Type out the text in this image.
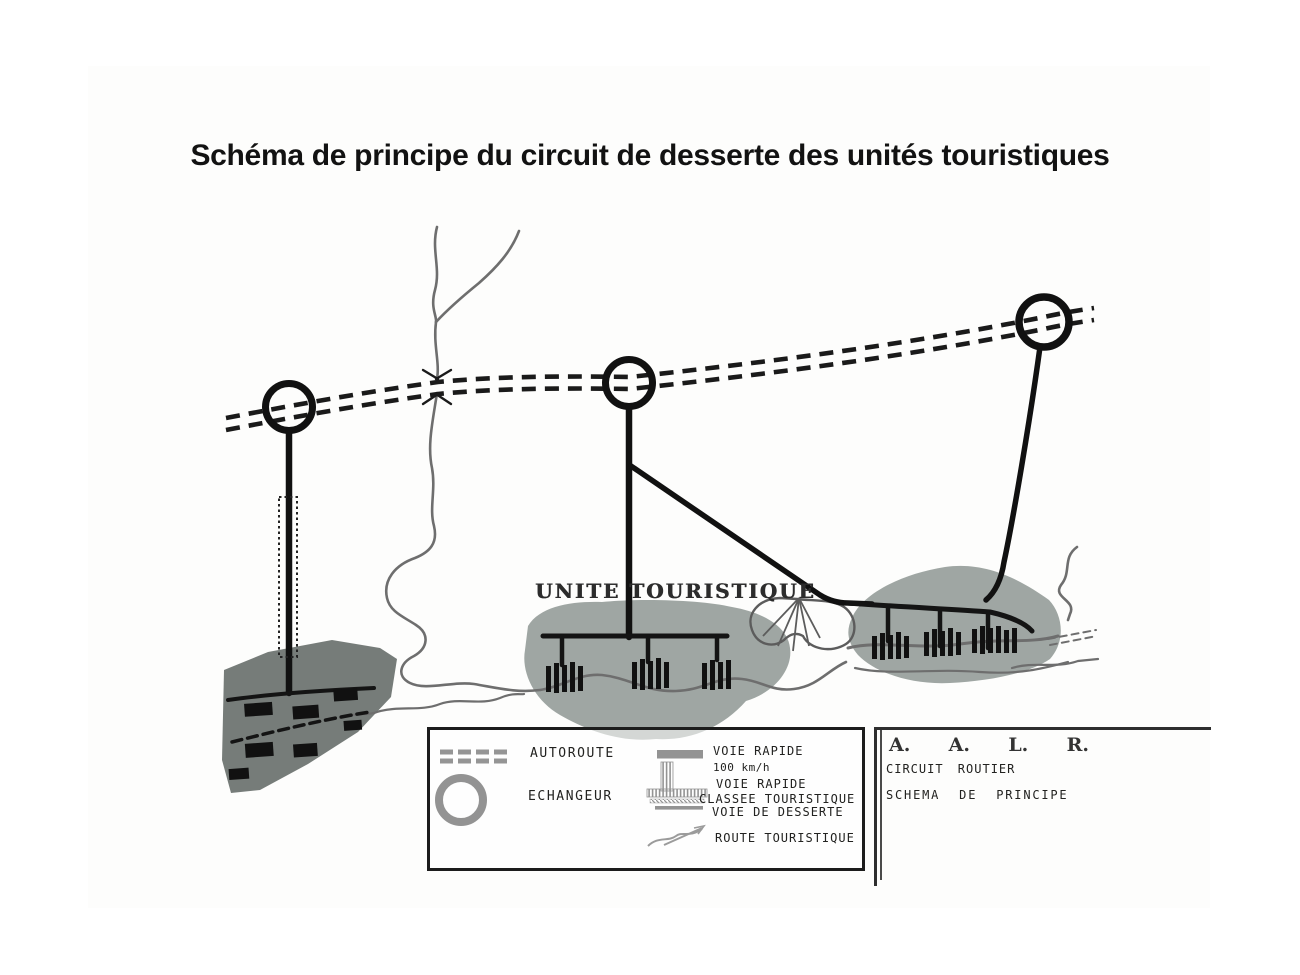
Schéma de principe du circuit de desserte des unités touristiques
UNITE TOURISTIQUE
AUTOROUTE
ECHANGEUR
VOIE RAPIDE
100 km/h
VOIE RAPIDE
CLASSEE TOURISTIQUE
VOIE DE DESSERTE
ROUTE TOURISTIQUE
A. A. L. R.
CIRCUIT ROUTIER
SCHEMA DE PRINCIPE
